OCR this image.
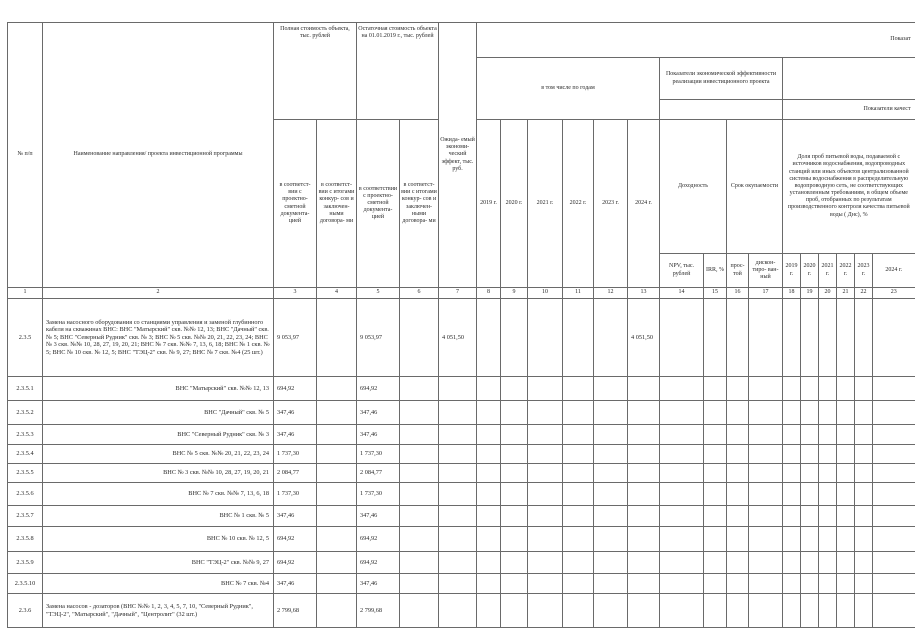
№ п/п	Наименование направления/ проекта инвестиционной программы	Полная стоимость объекта, тыс. рублей		Остаточная стоимость объекта на 01.01.2019 г., тыс. рублей		Ожида- емый экономи- ческий эффект, тыс. руб.	Показат															
							в том числе по годам						Показатели экономической эффективности реализации инвестиционного проекта									
																	Показатели качест					
		в соответст- вии с проектно- сметной документа- цией	в соответст- вии с итогами конкур- сов и заключен- ными договора- ми	в соответствии с проектно- сметной документа- цией	в соответст- вии с итогами конкур- сов и заключен- ными договора- ми		2019 г.	2020 г.	2021 г.	2022 г.	2023 г.	2024 г.	Доходность		Срок окупаемости		Доля проб питьевой воды, подаваемой с источников водоснабжения, водопроводных станций или иных объектов централизованной системы водоснабжения в распределительную водопроводную сеть, не соответствующих установленным требованиям, в общем объеме проб, отобранных по результатам производственного контроля качества питьевой воды ( Днс), %					
													NPV, тыс. рублей	IRR, %	прос- той	дискон- тиро- ван- ный	2019 г.	2020 г.	2021 г.	2022 г.	2023 г.	2024 г.
1	2	3	4	5	6	7	8	9	10	11	12	13	14	15	16	17	18	19	20	21	22	23
2.3.5	Замена насосного оборудования со станциями управления и заменой глубинного кабеля на скважинах ВНС: ВНС "Матырский" скв. №№ 12, 13; ВНС "Дачный" скв. № 5; ВНС "Северный Рудник" скв. № 3; ВНС № 5 скв. №№ 20, 21, 22, 23, 24; ВНС № 3 скв. №№ 10, 28, 27, 19, 20, 21; ВНС № 7 скв. №№ 7, 13, 6, 18; ВНС № 1 скв. № 5; ВНС № 10 скв. № 12, 5; ВНС "ТЭЦ-2" скв. № 9, 27; ВНС № 7 скв. №4 (25 шт.)	9 053,97		9 053,97		4 051,50						4 051,50										
2.3.5.1	ВНС "Матырский" скв. №№ 12, 13	694,92		694,92																		
2.3.5.2	ВНС "Дачный" скв. № 5	347,46		347,46																		
2.3.5.3	ВНС "Северный Рудник" скв. № 3	347,46		347,46																		
2.3.5.4	ВНС № 5 скв. №№ 20, 21, 22, 23, 24	1 737,30		1 737,30																		
2.3.5.5	ВНС № 3 скв. №№ 10, 28, 27, 19, 20, 21	2 084,77		2 084,77																		
2.3.5.6	ВНС № 7 скв. №№ 7, 13, 6, 18	1 737,30		1 737,30																		
2.3.5.7	ВНС № 1 скв. № 5	347,46		347,46																		
2.3.5.8	ВНС № 10 скв. № 12, 5	694,92		694,92																		
2.3.5.9	ВНС "ТЭЦ-2" скв. №№ 9, 27	694,92		694,92																		
2.3.5.10	ВНС № 7 скв. №4	347,46		347,46																		
2.3.6	Замена насосов - дозаторов (ВНС №№ 1, 2, 3, 4, 5, 7, 10, "Северный Рудник", "ТЭЦ-2", "Матырский", "Дачный", "Центролит" (32 шт.)	2 799,68		2 799,68																		
